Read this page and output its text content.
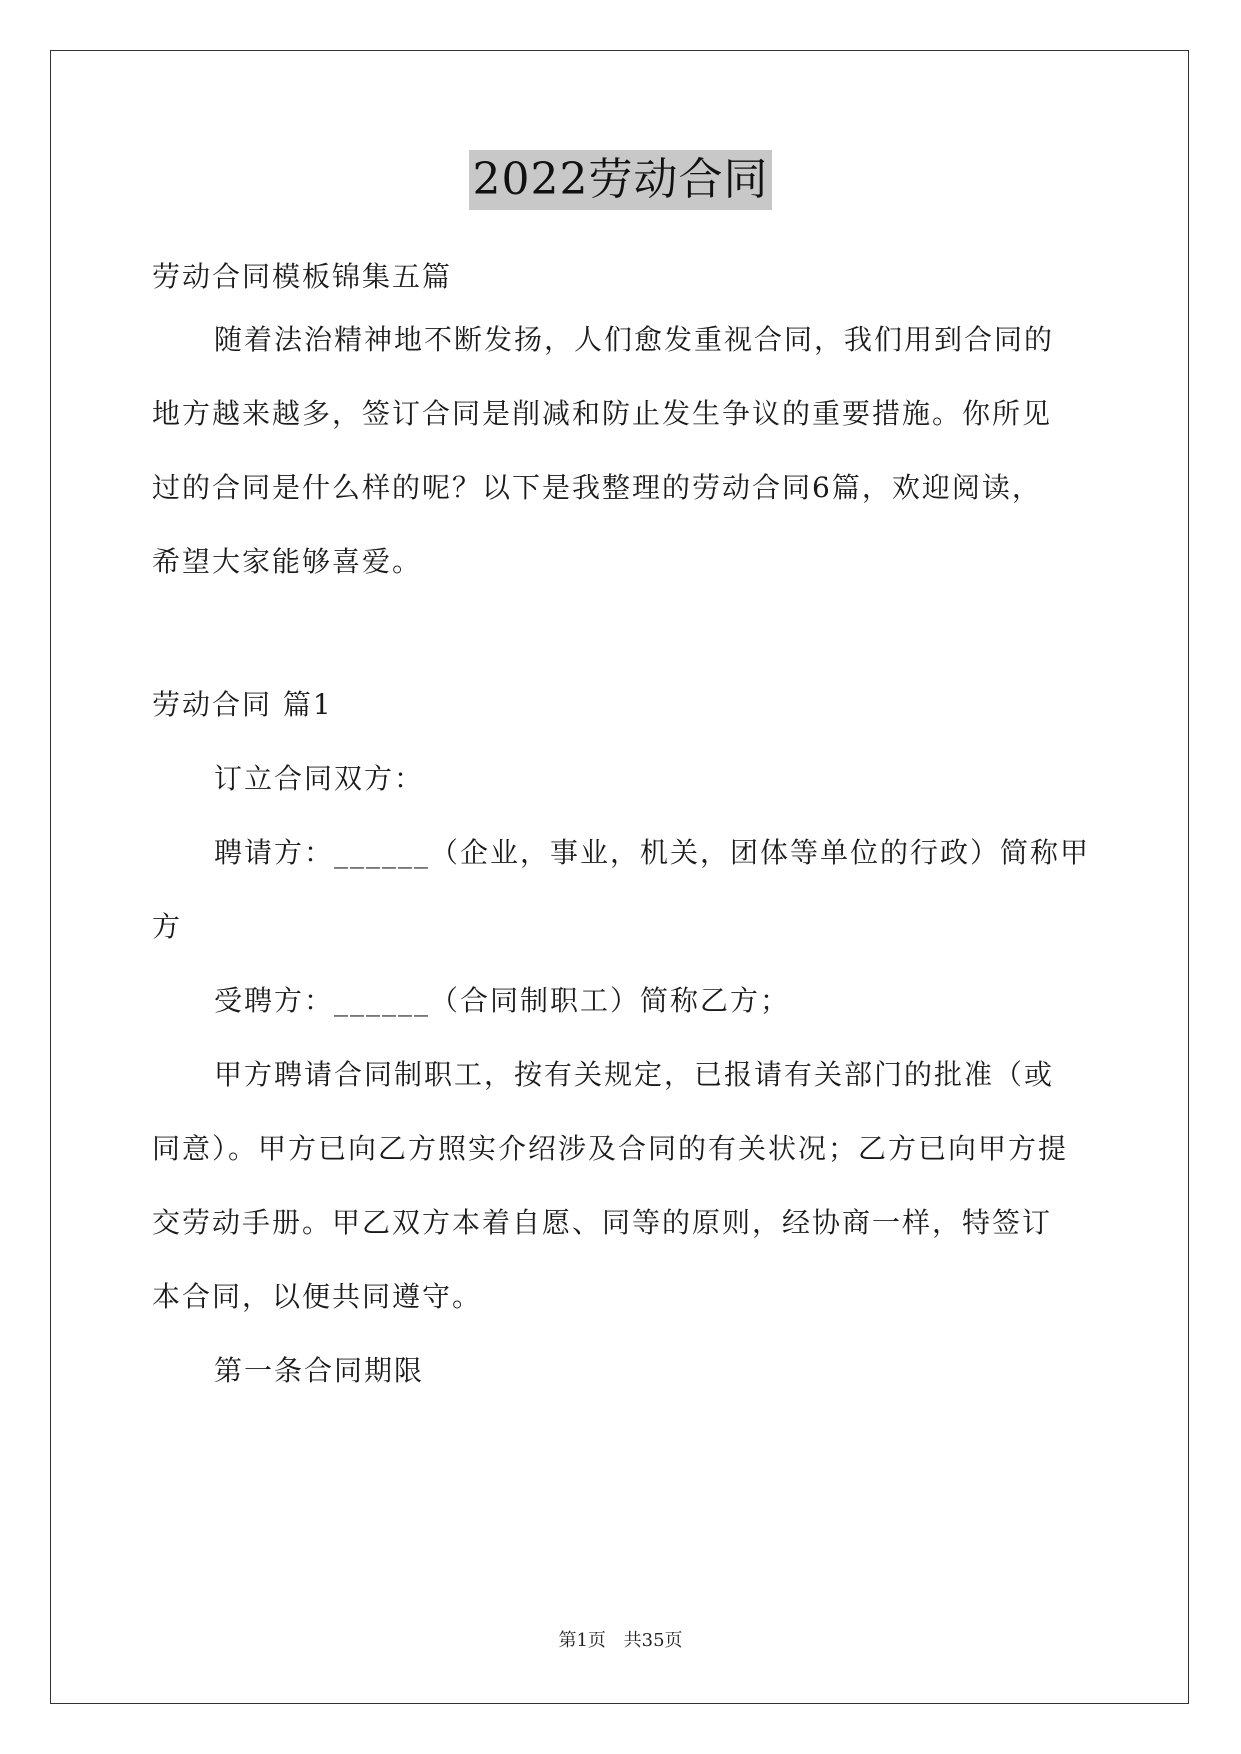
2022劳动合同

劳动合同模板锦集五篇

随着法治精神地不断发扬，人们愈发重视合同，我们用到合同的

地方越来越多，签订合同是削减和防止发生争议的重要措施。你所见

过的合同是什么样的呢？以下是我整理的劳动合同6篇，欢迎阅读，

希望大家能够喜爱。

劳动合同 篇1

订立合同双方：

聘请方：______（企业，事业，机关，团体等单位的行政）简称甲

方

受聘方：______（合同制职工）简称乙方；

甲方聘请合同制职工，按有关规定，已报请有关部门的批准（或

同意）。甲方已向乙方照实介绍涉及合同的有关状况；乙方已向甲方提

交劳动手册。甲乙双方本着自愿、同等的原则，经协商一样，特签订

本合同，以便共同遵守。

第一条合同期限

第1页 共35页
